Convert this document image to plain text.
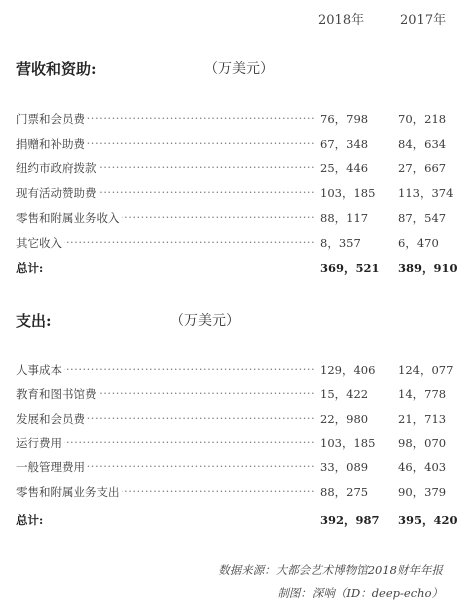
2018年	2017年
营收和资助:	（万美元）
·····
门票和会员费	76，798	70，218
·····
捐赠和补助费	67，348	84，634
·····
纽约市政府拨款	25，446	27，667
·····
现有活动赞助费	103，185	113，374
·····
零售和附属业务收入	88，117	87，547
·····
其它收入	8，357	6，470
总计:	369，521 389，910
支出:	（万美元）
·····
人事成本	129，406	124，077
·····
教育和图书馆费	15，422	14，778
·····
发展和会员费	22，980	21，713
·····
运行费用	103，185	98，070
·····
一般管理费用	33，089	46，403
·····
零售和附属业务支出	88，275	90，379
总计:	392，987 395，420
数据来源：大都会艺术博物馆2018财年年报
制图：深响（ID：deep-echo）
